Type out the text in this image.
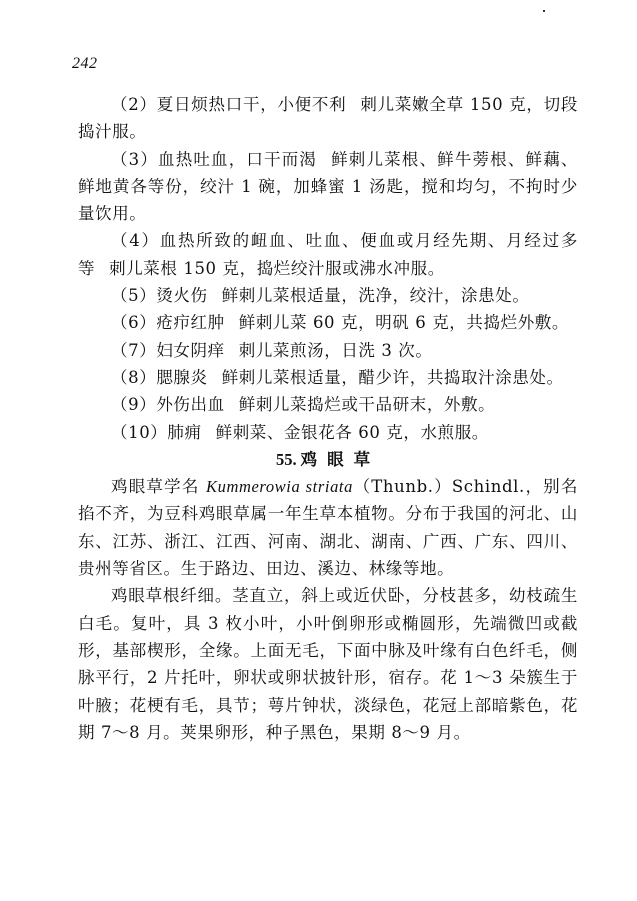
242

（2）夏日烦热口干，小便不利 刺儿菜嫩全草 150 克，切段捣汁服。

（3）血热吐血，口干而渴 鲜刺儿菜根、鲜牛蒡根、鲜藕、鲜地黄各等份，绞汁 1 碗，加蜂蜜 1 汤匙，搅和均匀，不拘时少量饮用。

（4）血热所致的衄血、吐血、便血或月经先期、月经过多等 刺儿菜根 150 克，捣烂绞汁服或沸水冲服。

（5）烫火伤 鲜刺儿菜根适量，洗净，绞汁，涂患处。

（6）疮疖红肿 鲜刺儿菜 60 克，明矾 6 克，共捣烂外敷。

（7）妇女阴痒 刺儿菜煎汤，日洗 3 次。

（8）腮腺炎 鲜刺儿菜根适量，醋少许，共捣取汁涂患处。

（9）外伤出血 鲜刺儿菜捣烂或干品研末，外敷。

（10）肺痈 鲜刺菜、金银花各 60 克，水煎服。

55. 鸡眼草

鸡眼草学名 Kummerowia striata（Thunb.）Schindl.，别名掐不齐，为豆科鸡眼草属一年生草本植物。分布于我国的河北、山东、江苏、浙江、江西、河南、湖北、湖南、广西、广东、四川、贵州等省区。生于路边、田边、溪边、林缘等地。

鸡眼草根纤细。茎直立，斜上或近伏卧，分枝甚多，幼枝疏生白毛。复叶，具 3 枚小叶，小叶倒卵形或椭圆形，先端微凹或截形，基部楔形，全缘。上面无毛，下面中脉及叶缘有白色纤毛，侧脉平行，2 片托叶，卵状或卵状披针形，宿存。花 1～3 朵簇生于叶腋；花梗有毛，具节；萼片钟状，淡绿色，花冠上部暗紫色，花期 7～8 月。荚果卵形，种子黑色，果期 8～9 月。
